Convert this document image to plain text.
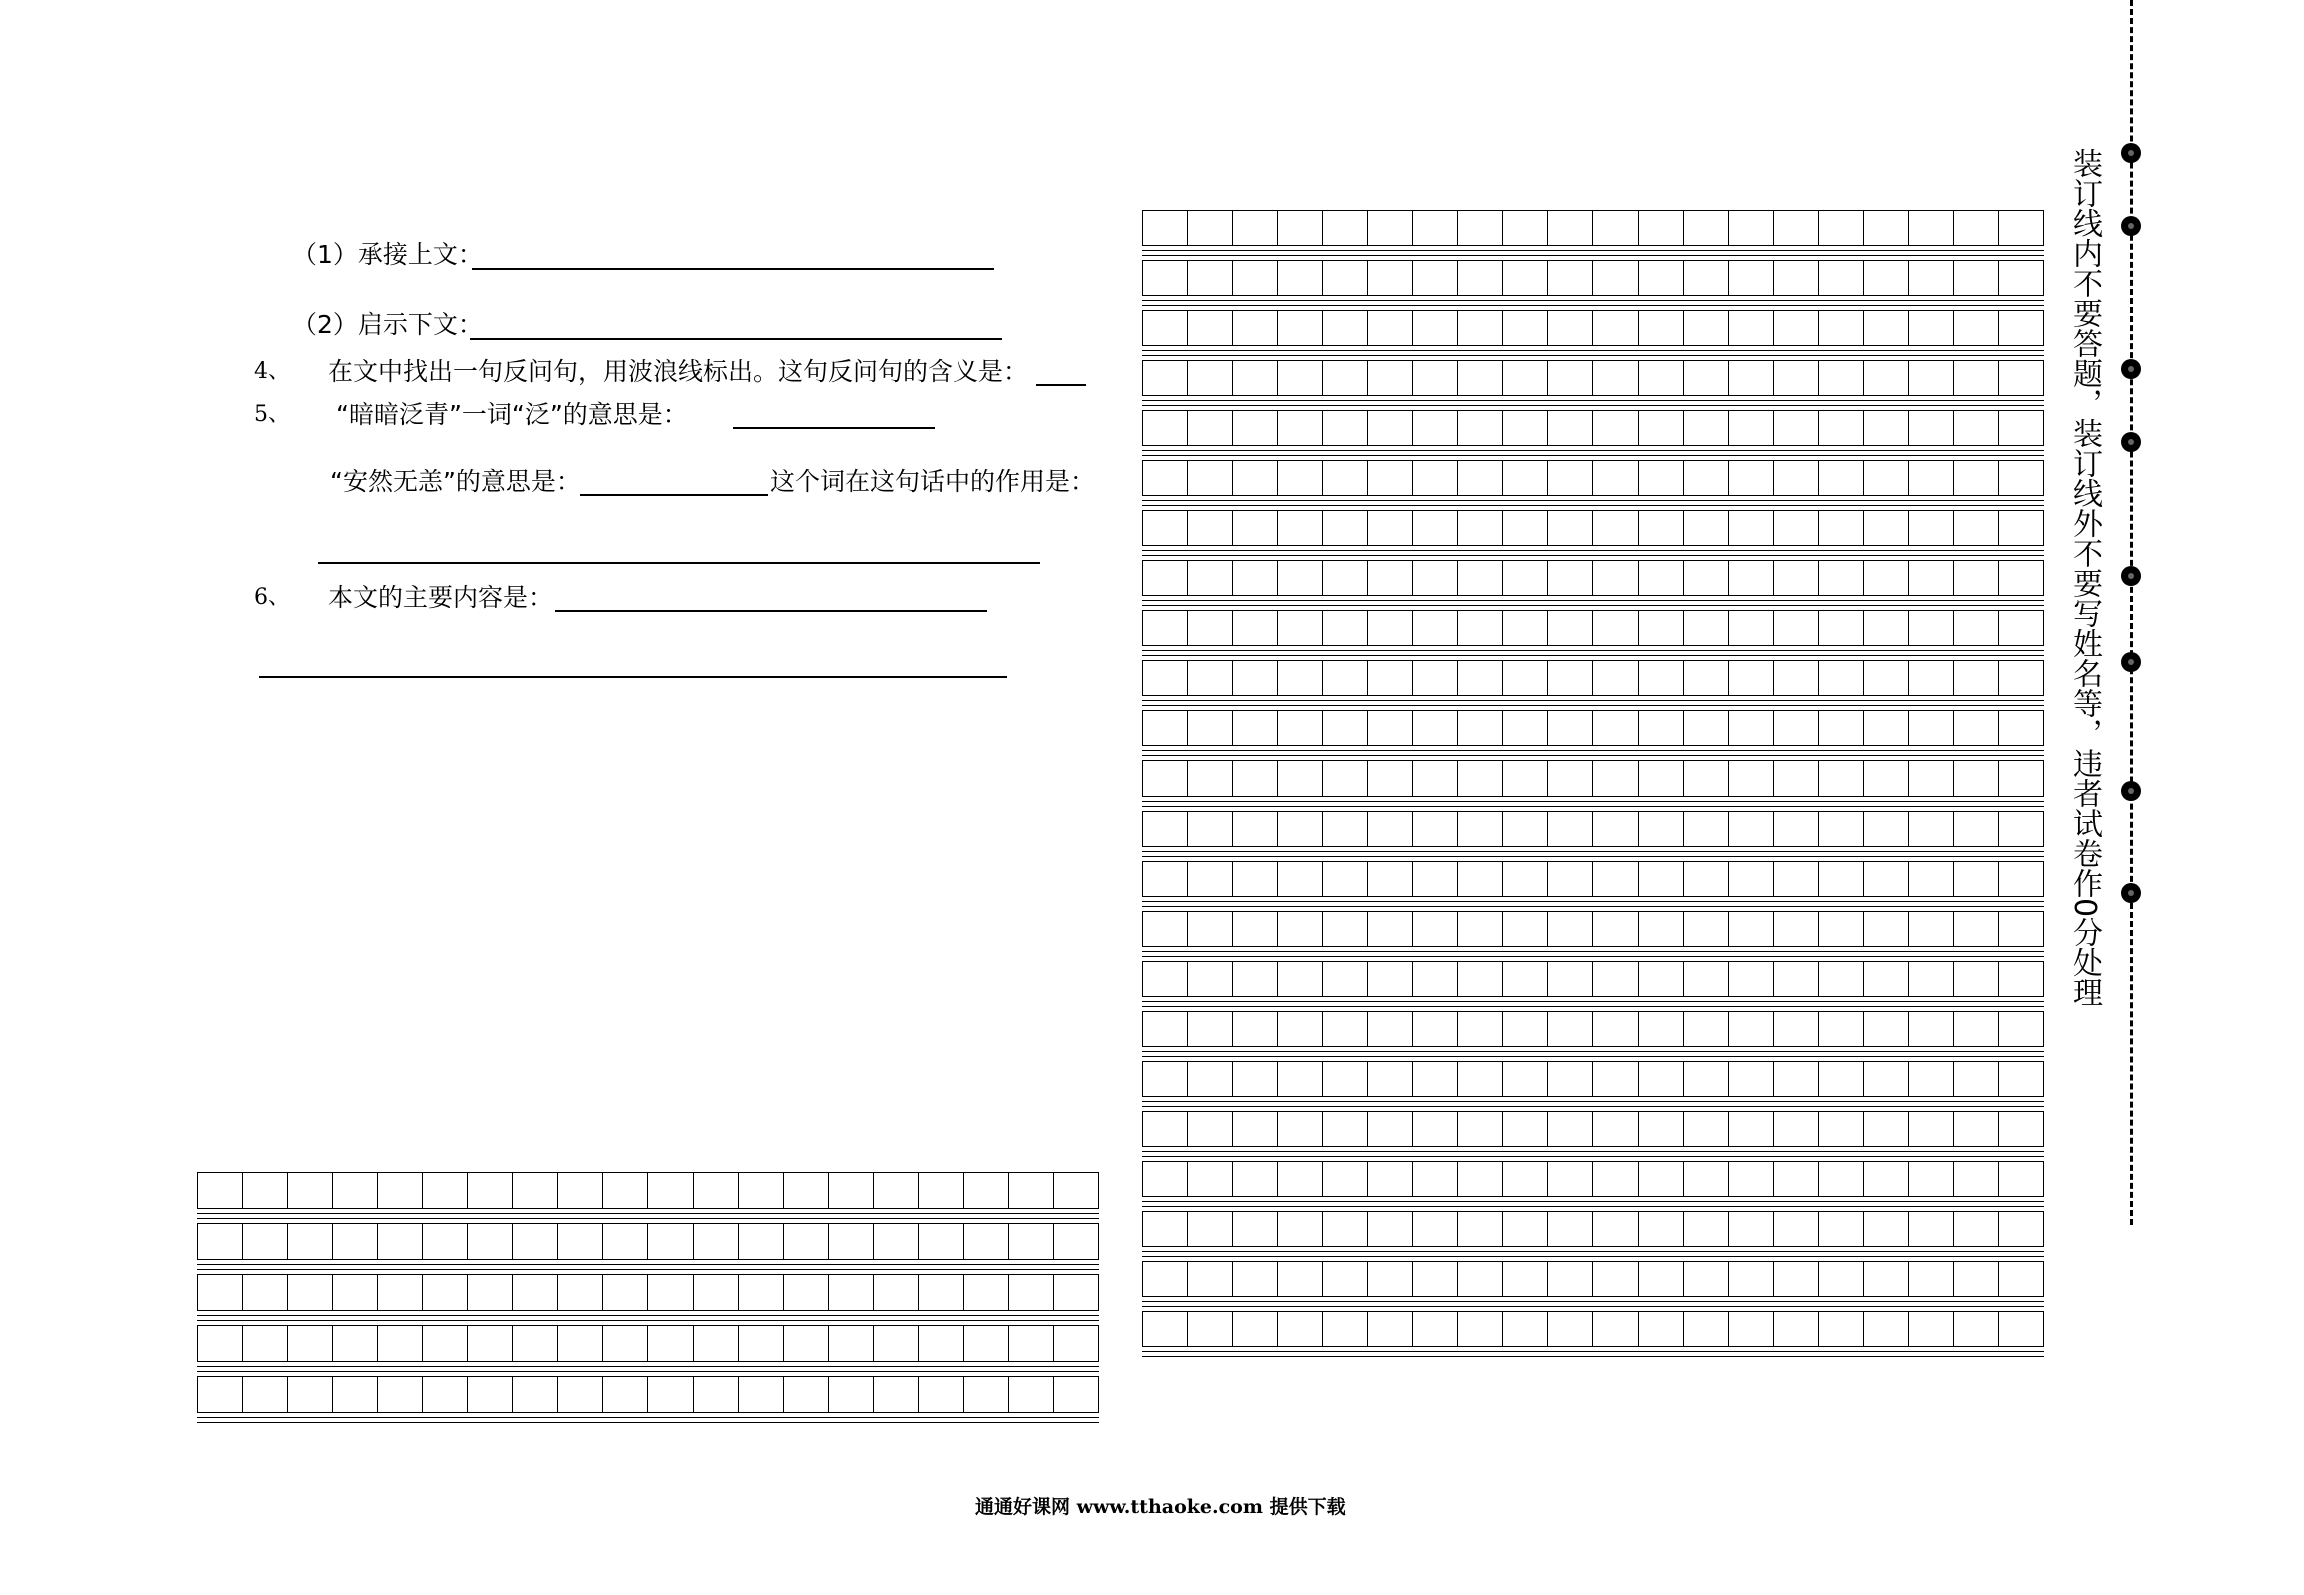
（1）承接上文：
（2）启示下文：
4、 在文中找出一句反问句，用波浪线标出。这句反问句的含义是：
5、 “暗暗泛青”一词“泛”的意思是：
“安然无恙”的意思是：	这个词在这句话中的作用是：
6、 本文的主要内容是：
通通好课网 www.tthaoke.com 提供下载
装订线内不要答题，装订线外不要写姓名等，违者试卷作0分处理
